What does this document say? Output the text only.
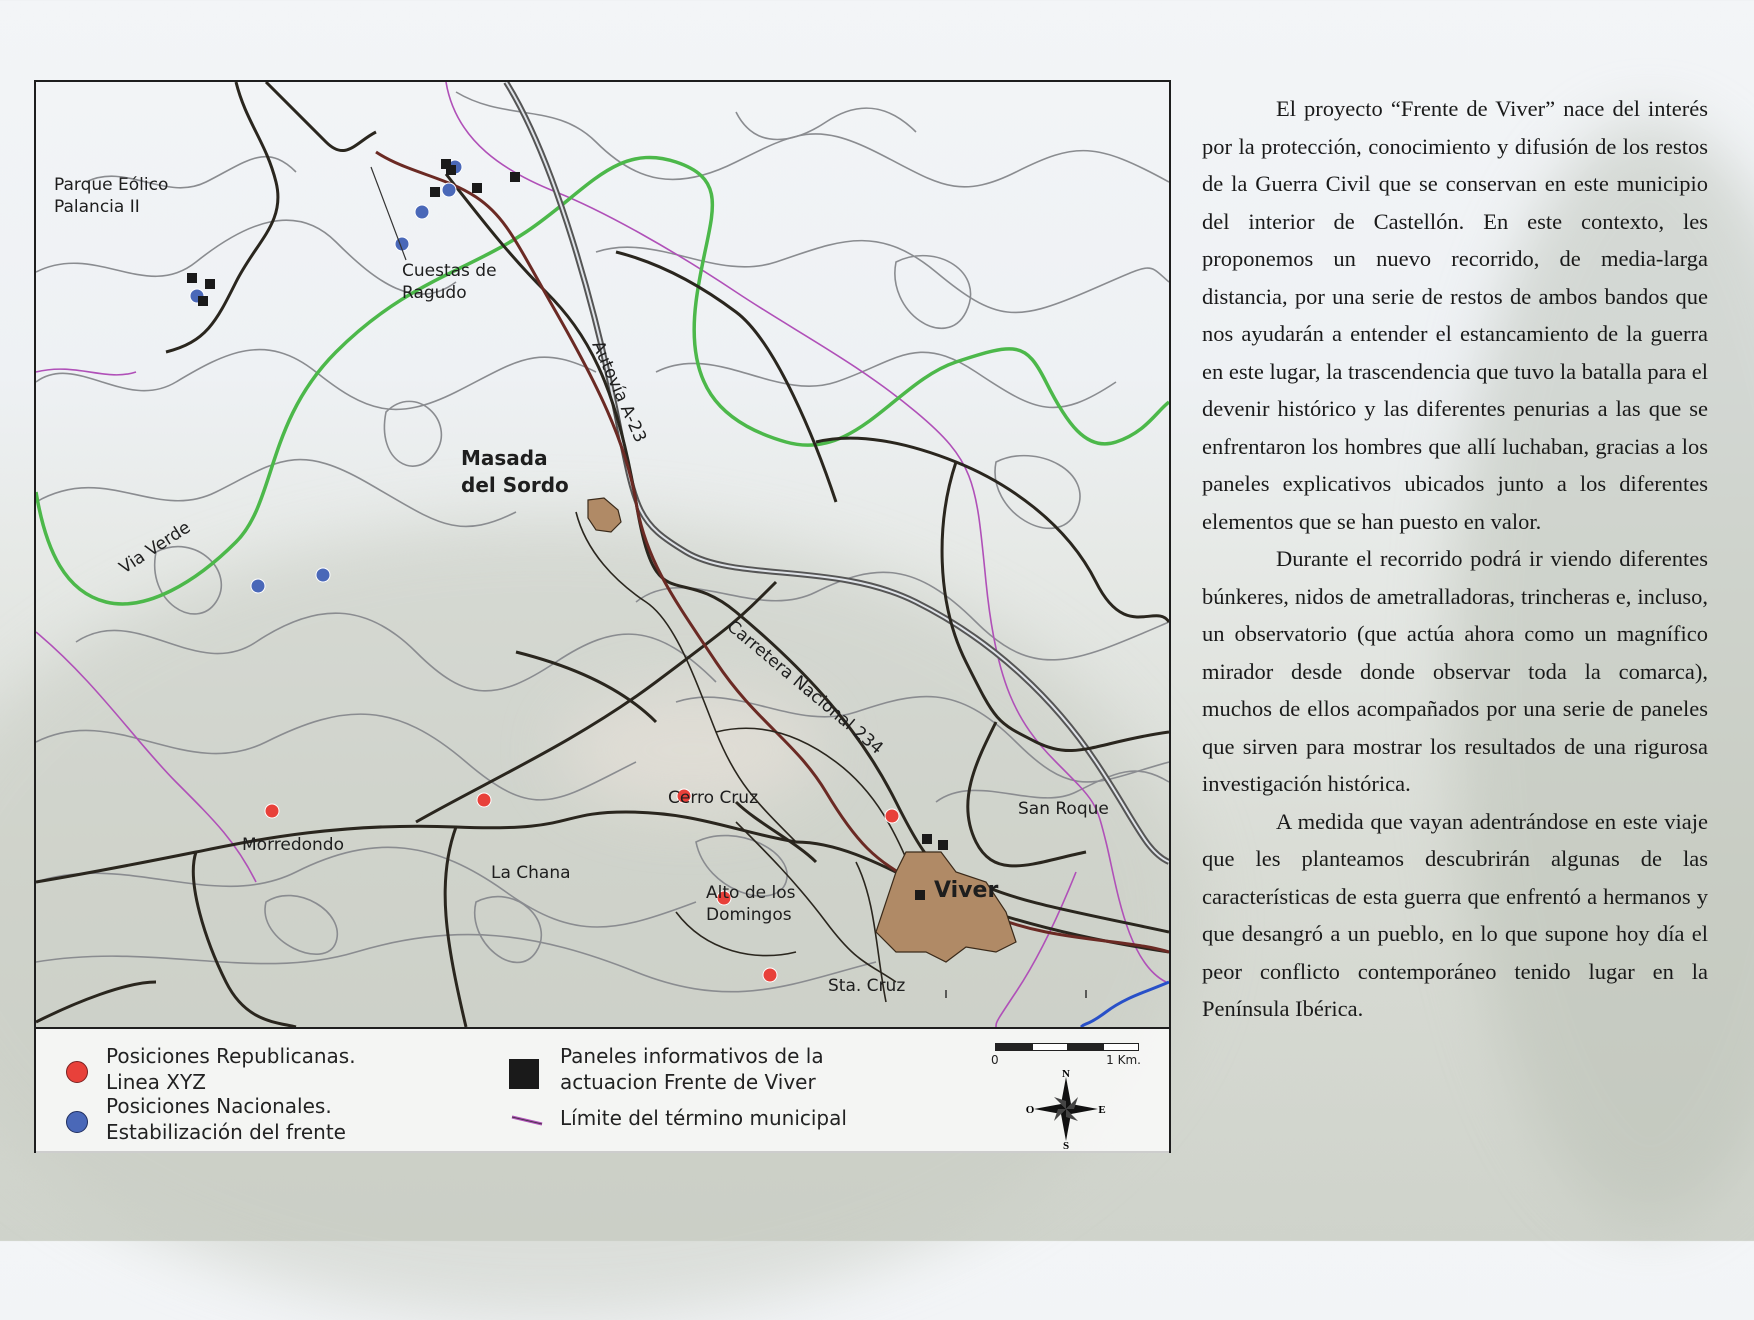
Parque Eólico
Palancia II
Cuestas de
Ragudo
Autovía A-23
Via Verde
Carretera Nacional 234
Masada
del Sordo
Cerro Cruz
San Roque
Morredondo
La Chana
Alto de los
Domingos
Viver
Sta. Cruz
Posiciones Republicanas.
Linea XYZ
Posiciones Nacionales.
Estabilización del frente
Paneles informativos de la
actuacion Frente de Viver
Límite del término municipal
0	1 Km.
N
S
E
O

El proyecto “Frente de Viver” nace del interés por la protección, conocimiento y difusión de los restos de la Guerra Civil que se conservan en este municipio del interior de Castellón. En este contexto, les proponemos un nuevo recorrido, de media-larga distancia, por una serie de restos de ambos bandos que nos ayudarán a entender el estancamiento de la guerra en este lugar, la trascendencia que tuvo la batalla para el devenir histórico y las diferentes penurias a las que se enfrentaron los hombres que allí luchaban, gracias a los paneles explicativos ubicados junto a los diferentes elementos que se han puesto en valor.

Durante el recorrido podrá ir viendo diferentes búnkeres, nidos de ametralladoras, trincheras e, incluso, un observatorio (que actúa ahora como un magnífico mirador desde donde observar toda la comarca), muchos de ellos acompañados por una serie de paneles que sirven para mostrar los resultados de una rigurosa investigación histórica.

A medida que vayan adentrándose en este viaje que les planteamos descubrirán algunas de las características de esta guerra que enfrentó a hermanos y que desangró a un pueblo, en lo que supone hoy día el peor conflicto contemporáneo tenido lugar en la Península Ibérica.
